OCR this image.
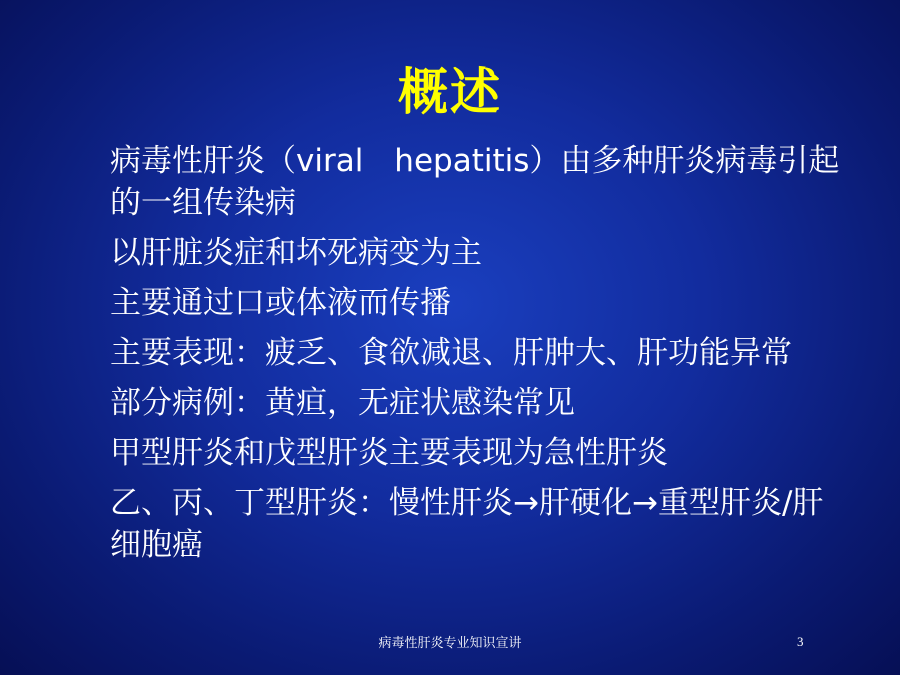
概述
病毒性肝炎（viral　hepatitis）由多种肝炎病毒引起的一组传染病
以肝脏炎症和坏死病变为主
主要通过口或体液而传播
主要表现：疲乏、食欲减退、肝肿大、肝功能异常
部分病例：黄疸，无症状感染常见
甲型肝炎和戊型肝炎主要表现为急性肝炎
乙、丙、丁型肝炎：慢性肝炎→肝硬化→重型肝炎/肝细胞癌
病毒性肝炎专业知识宣讲	3
